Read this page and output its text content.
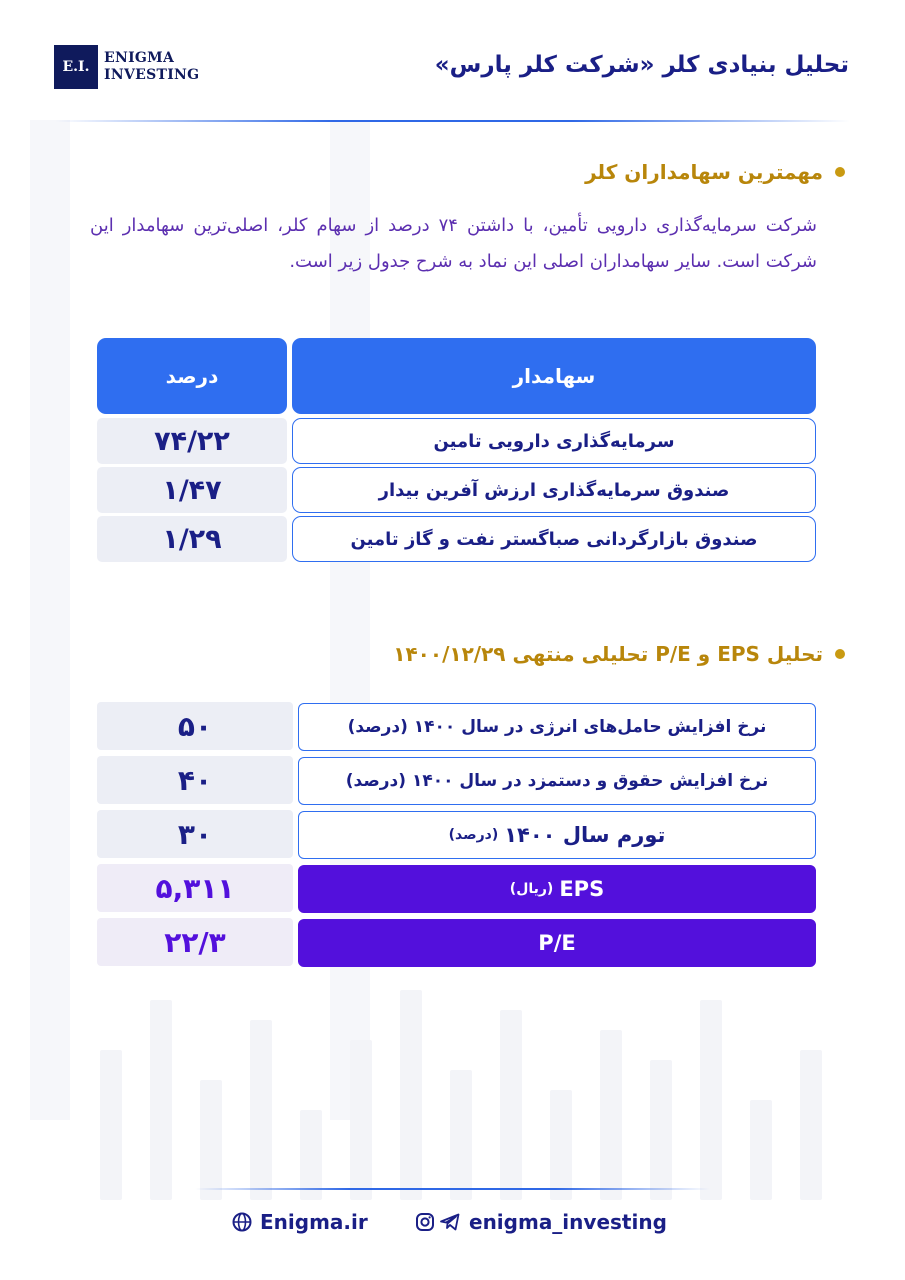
E.I.
ENIGMA
INVESTING	تحلیل بنیادی کلر «شرکت کلر پارس»
مهمترین سهامداران کلر
شرکت سرمایه‌گذاری دارویی تأمین، با داشتن ۷۴ درصد از سهام کلر، اصلی‌ترین سهامدار این شرکت است. سایر سهامداران اصلی این نماد به شرح جدول زیر است.
سهامدار
درصد
سرمایه‌گذاری دارویی تامین
۷۴/۲۲
صندوق سرمایه‌گذاری ارزش آفرین بیدار
۱/۴۷
صندوق بازارگردانی صباگستر نفت و گاز تامین
۱/۲۹
تحلیل EPS و P/E تحلیلی منتهی ۱۴۰۰/۱۲/۲۹
نرخ افزایش حامل‌های انرژی در سال ۱۴۰۰ (درصد)
۵۰
نرخ افزایش حقوق و دستمزد در سال ۱۴۰۰ (درصد)
۴۰
تورم سال ۱۴۰۰
(درصد)
۳۰
EPS
(ریال)
۵,۳۱۱
P/E
۲۲/۳
Enigma.ir	enigma_investing
